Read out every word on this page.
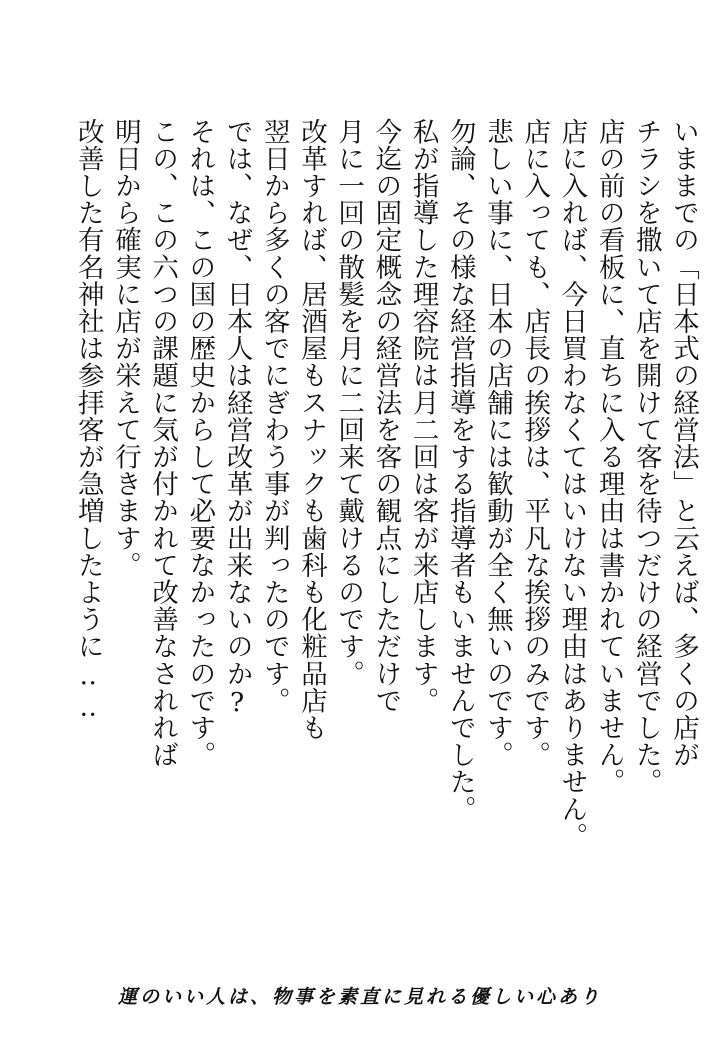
いままでの「日本式の経営法」と云えば、多くの店が
チラシを撒いて店を開けて客を待つだけの経営でした。
店の前の看板に、直ちに入る理由は書かれていません。
店に入れば、今日買わなくてはいけない理由はありません。
店に入っても、店長の挨拶は、平凡な挨拶のみです。
悲しい事に、日本の店舗には歓動が全く無いのです。
勿論、その様な経営指導をする指導者もいませんでした。
私が指導した理容院は月二回は客が来店します。
今迄の固定概念の経営法を客の観点にしただけで
月に一回の散髪を月に二回来て戴けるのです。
改革すれば、居酒屋もスナックも歯科も化粧品店も
翌日から多くの客でにぎわう事が判ったのです。
では、なぜ、日本人は経営改革が出来ないのか?
それは、この国の歴史からして必要なかったのです。
この、この六つの課題に気が付かれて改善なされれば
明日から確実に店が栄えて行きます。
改善した有名神社は参拝客が急増したように‥‥
運のいい人は、物事を素直に見れる優しい心あり
